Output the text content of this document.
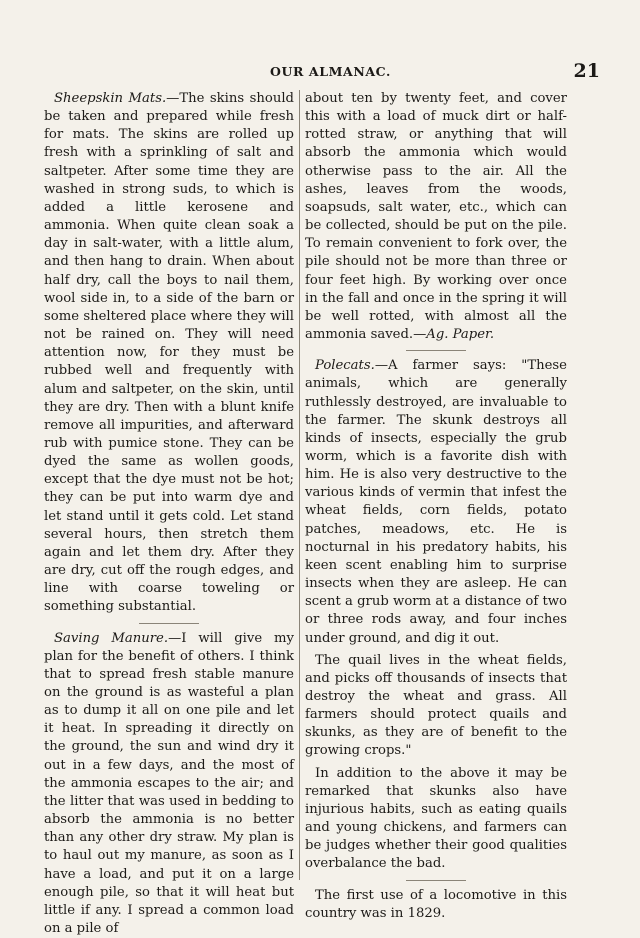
OUR ALMANAC.	21

Sheepskin Mats.—The skins should be taken and prepared while fresh for mats. The skins are rolled up fresh with a sprinkling of salt and saltpeter. After some time they are washed in strong suds, to which is added a little kerosene and ammonia. When quite clean soak a day in salt-water, with a little alum, and then hang to drain. When about half dry, call the boys to nail them, wool side in, to a side of the barn or some sheltered place where they will not be rained on. They will need attention now, for they must be rubbed well and frequently with alum and saltpeter, on the skin, until they are dry. Then with a blunt knife remove all impurities, and afterward rub with pumice stone. They can be dyed the same as wollen goods, except that the dye must not be hot; they can be put into warm dye and let stand until it gets cold. Let stand several hours, then stretch them again and let them dry. After they are dry, cut off the rough edges, and line with coarse toweling or something substantial.

Saving Manure.—I will give my plan for the benefit of others. I think that to spread fresh stable manure on the ground is as wasteful a plan as to dump it all on one pile and let it heat. In spreading it directly on the ground, the sun and wind dry it out in a few days, and the most of the ammonia escapes to the air; and the litter that was used in bedding to absorb the ammonia is no better than any other dry straw. My plan is to haul out my manure, as soon as I have a load, and put it on a large enough pile, so that it will heat but little if any. I spread a common load on a pile of

about ten by twenty feet, and cover this with a load of muck dirt or half-rotted straw, or anything that will absorb the ammonia which would otherwise pass to the air. All the ashes, leaves from the woods, soapsuds, salt water, etc., which can be collected, should be put on the pile. To remain convenient to fork over, the pile should not be more than three or four feet high. By working over once in the fall and once in the spring it will be well rotted, with almost all the ammonia saved.—Ag. Paper.

Polecats.—A farmer says: "These animals, which are generally ruthlessly destroyed, are invaluable to the farmer. The skunk destroys all kinds of insects, especially the grub worm, which is a favorite dish with him. He is also very destructive to the various kinds of vermin that infest the wheat fields, corn fields, potato patches, meadows, etc. He is nocturnal in his predatory habits, his keen scent enabling him to surprise insects when they are asleep. He can scent a grub worm at a distance of two or three rods away, and four inches under ground, and dig it out.

The quail lives in the wheat fields, and picks off thousands of insects that destroy the wheat and grass. All farmers should protect quails and skunks, as they are of benefit to the growing crops."

In addition to the above it may be remarked that skunks also have injurious habits, such as eating quails and young chickens, and farmers can be judges whether their good qualities overbalance the bad.

The first use of a locomotive in this country was in 1829.
